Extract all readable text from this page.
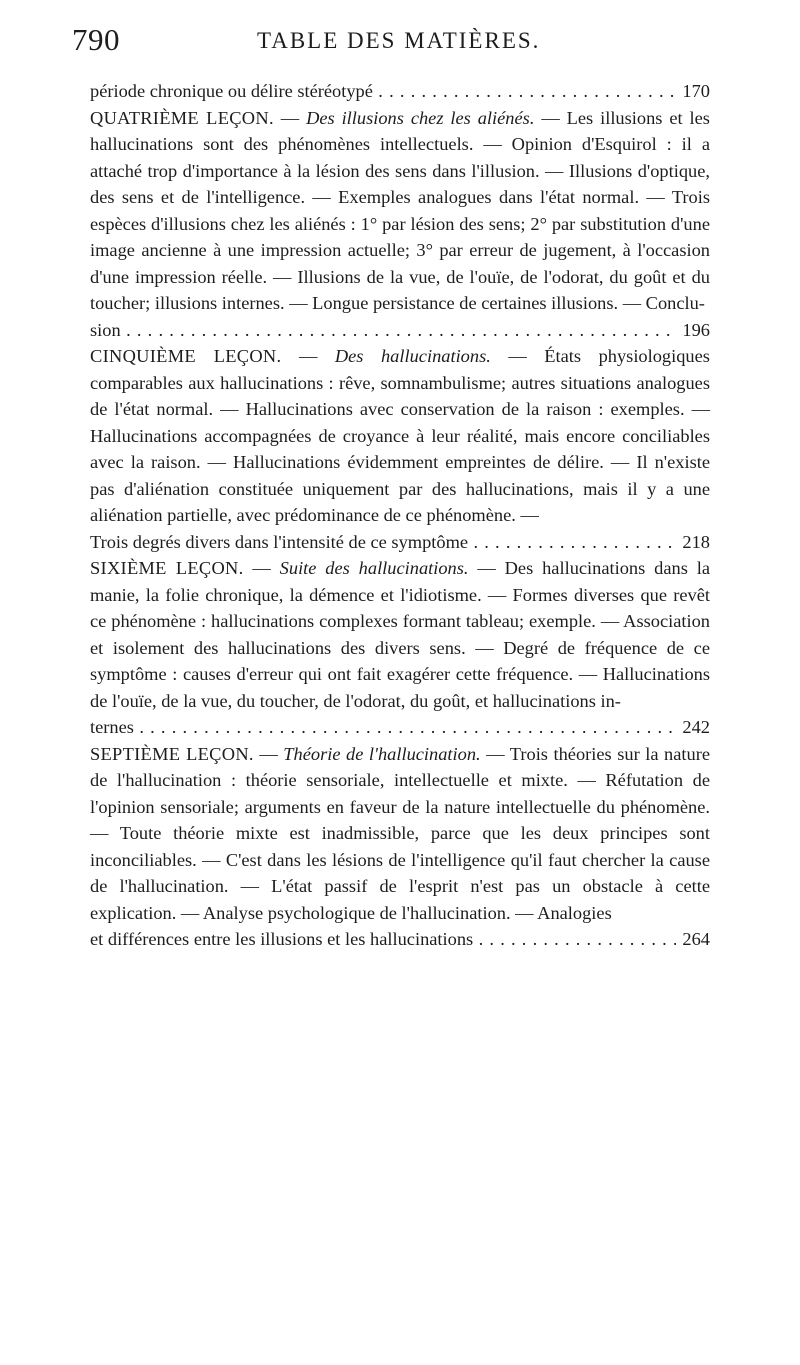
790	TABLE DES MATIÈRES.
période chronique ou délire stéréotypé . . .	170
QUATRIÈME LEÇON. — Des illusions chez les aliénés. — Les illusions et les hallucinations sont des phénomènes intellectuels. — Opinion d'Esquirol : il a attaché trop d'importance à la lésion des sens dans l'illusion. — Illusions d'optique, des sens et de l'intelligence. — Exemples analogues dans l'état normal. — Trois espèces d'illusions chez les aliénés : 1° par lésion des sens; 2° par substitution d'une image ancienne à une impression actuelle; 3° par erreur de jugement, à l'occasion d'une impression réelle. — Illusions de la vue, de l'ouïe, de l'odorat, du goût et du toucher; illusions internes. — Longue persistance de certaines illusions. — Conclu-
sion . . .	196
CINQUIÈME LEÇON. — Des hallucinations. — États physiologiques comparables aux hallucinations : rêve, somnambulisme; autres situations analogues de l'état normal. — Hallucinations avec conservation de la raison : exemples. — Hallucinations accompagnées de croyance à leur réalité, mais encore conciliables avec la raison. — Hallucinations évidemment empreintes de délire. — Il n'existe pas d'aliénation constituée uniquement par des hallucinations, mais il y a une aliénation partielle, avec prédominance de ce phénomène. —
Trois degrés divers dans l'intensité de ce symptôme . . .	218
SIXIÈME LEÇON. — Suite des hallucinations. — Des hallucinations dans la manie, la folie chronique, la démence et l'idiotisme. — Formes diverses que revêt ce phénomène : hallucinations complexes formant tableau; exemple. — Association et isolement des hallucinations des divers sens. — Degré de fréquence de ce symptôme : causes d'erreur qui ont fait exagérer cette fréquence. — Hallucinations de l'ouïe, de la vue, du toucher, de l'odorat, du goût, et hallucinations in-
ternes . . .	242
SEPTIÈME LEÇON. — Théorie de l'hallucination. — Trois théories sur la nature de l'hallucination : théorie sensoriale, intellectuelle et mixte. — Réfutation de l'opinion sensoriale; arguments en faveur de la nature intellectuelle du phénomène. — Toute théorie mixte est inadmissible, parce que les deux principes sont inconciliables. — C'est dans les lésions de l'intelligence qu'il faut chercher la cause de l'hallucination. — L'état passif de l'esprit n'est pas un obstacle à cette explication. — Analyse psychologique de l'hallucination. — Analogies
et différences entre les illusions et les hallucinations . . .	264
